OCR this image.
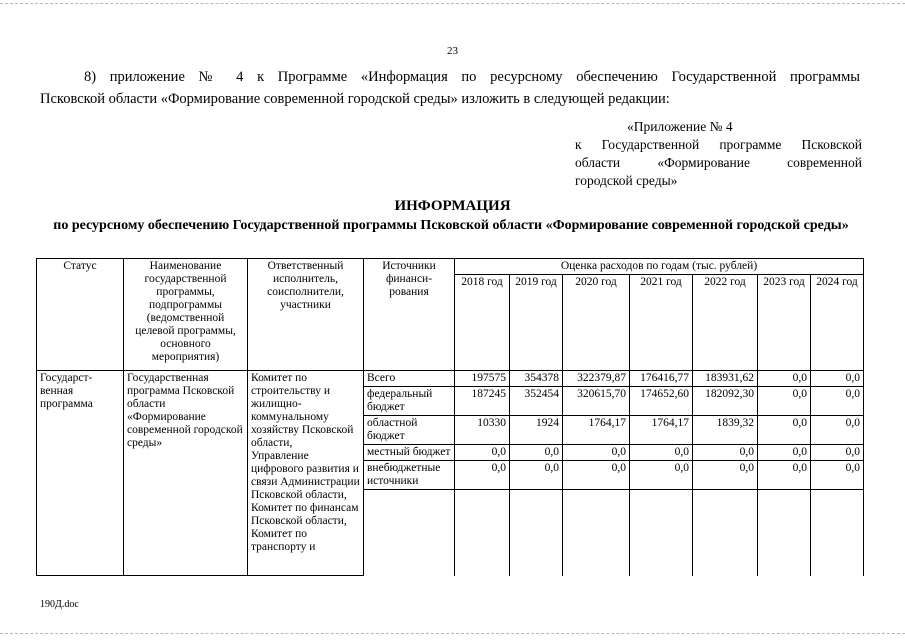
23
8) приложение № 4 к Программе «Информация по ресурсному обеспечению Государственной программы
Псковской области «Формирование современной городской среды» изложить в следующей редакции:
«Приложение № 4
к Государственной программе Псковской
области «Формирование современной
городской среды»
ИНФОРМАЦИЯ
по ресурсному обеспечению Государственной программы Псковской области «Формирование современной городской среды»
Статус	Наименование государственной программы, подпрограммы (ведомственной целевой программы, основного мероприятия)	Ответственный исполнитель, соисполнители, участники	Источники финанси-рования	Оценка расходов по годам (тыс. рублей)						
				2018 год	2019 год	2020 год	2021 год	2022 год	2023 год	2024 год
Государст-венная программа	Государственная программа Псковской области «Формирование современной городской среды»	Комитет по строительству и жилищно-коммунальному хозяйству Псковской области,
Управление цифрового развития и связи Администрации Псковской области,
Комитет по финансам Псковской области,
Комитет по транспорту и	Всего	197575	354378	322379,87	176416,77	183931,62	0,0	0,0
			федеральный бюджет	187245	352454	320615,70	174652,60	182092,30	0,0	0,0
			областной бюджет	10330	1924	1764,17	1764,17	1839,32	0,0	0,0
			местный бюджет	0,0	0,0	0,0	0,0	0,0	0,0	0,0
			внебюджетные источники	0,0	0,0	0,0	0,0	0,0	0,0	0,0

190Д.doc
